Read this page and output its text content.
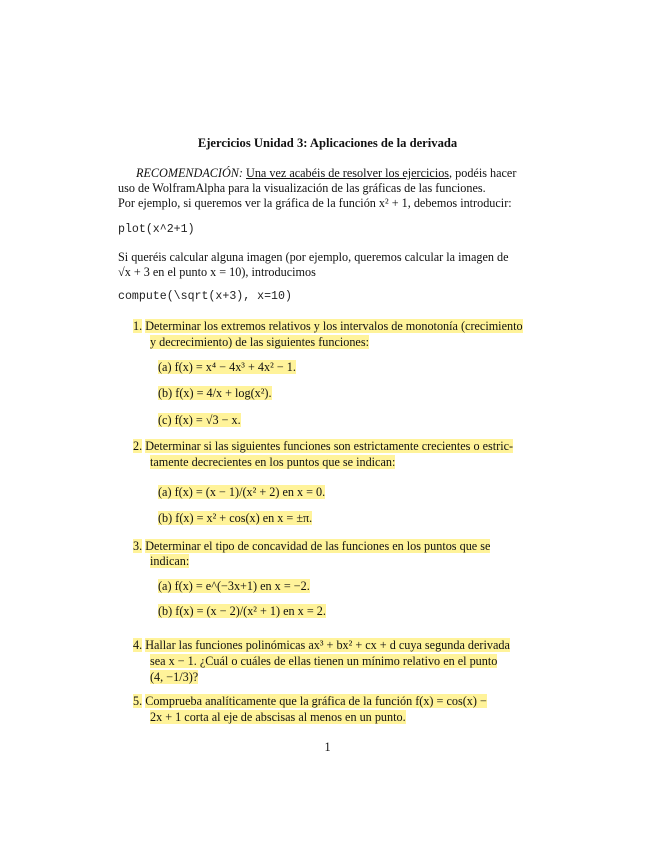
Ejercicios Unidad 3: Aplicaciones de la derivada
RECOMENDACIÓN: Una vez acabéis de resolver los ejercicios, podéis hacer
uso de WolframAlpha para la visualización de las gráficas de las funciones.
Por ejemplo, si queremos ver la gráfica de la función x² + 1, debemos introducir:
plot(x^2+1)
Si queréis calcular alguna imagen (por ejemplo, queremos calcular la imagen de
√x + 3 en el punto x = 10), introducimos
compute(\sqrt(x+3), x=10)
1. Determinar los extremos relativos y los intervalos de monotonía (crecimiento
y decrecimiento) de las siguientes funciones:
(a) f(x) = x⁴ − 4x³ + 4x² − 1.
(b) f(x) = 4/x + log(x²).
(c) f(x) = √3 − x.
2. Determinar si las siguientes funciones son estrictamente crecientes o estric-
tamente decrecientes en los puntos que se indican:
(a) f(x) = (x − 1)/(x² + 2) en x = 0.
(b) f(x) = x² + cos(x) en x = ±π.
3. Determinar el tipo de concavidad de las funciones en los puntos que se
indican:
(a) f(x) = e^(−3x+1) en x = −2.
(b) f(x) = (x − 2)/(x² + 1) en x = 2.
4. Hallar las funciones polinómicas ax³ + bx² + cx + d cuya segunda derivada
sea x − 1. ¿Cuál o cuáles de ellas tienen un mínimo relativo en el punto
(4, −1/3)?
5. Comprueba analíticamente que la gráfica de la función f(x) = cos(x) −
2x + 1 corta al eje de abscisas al menos en un punto.
1
